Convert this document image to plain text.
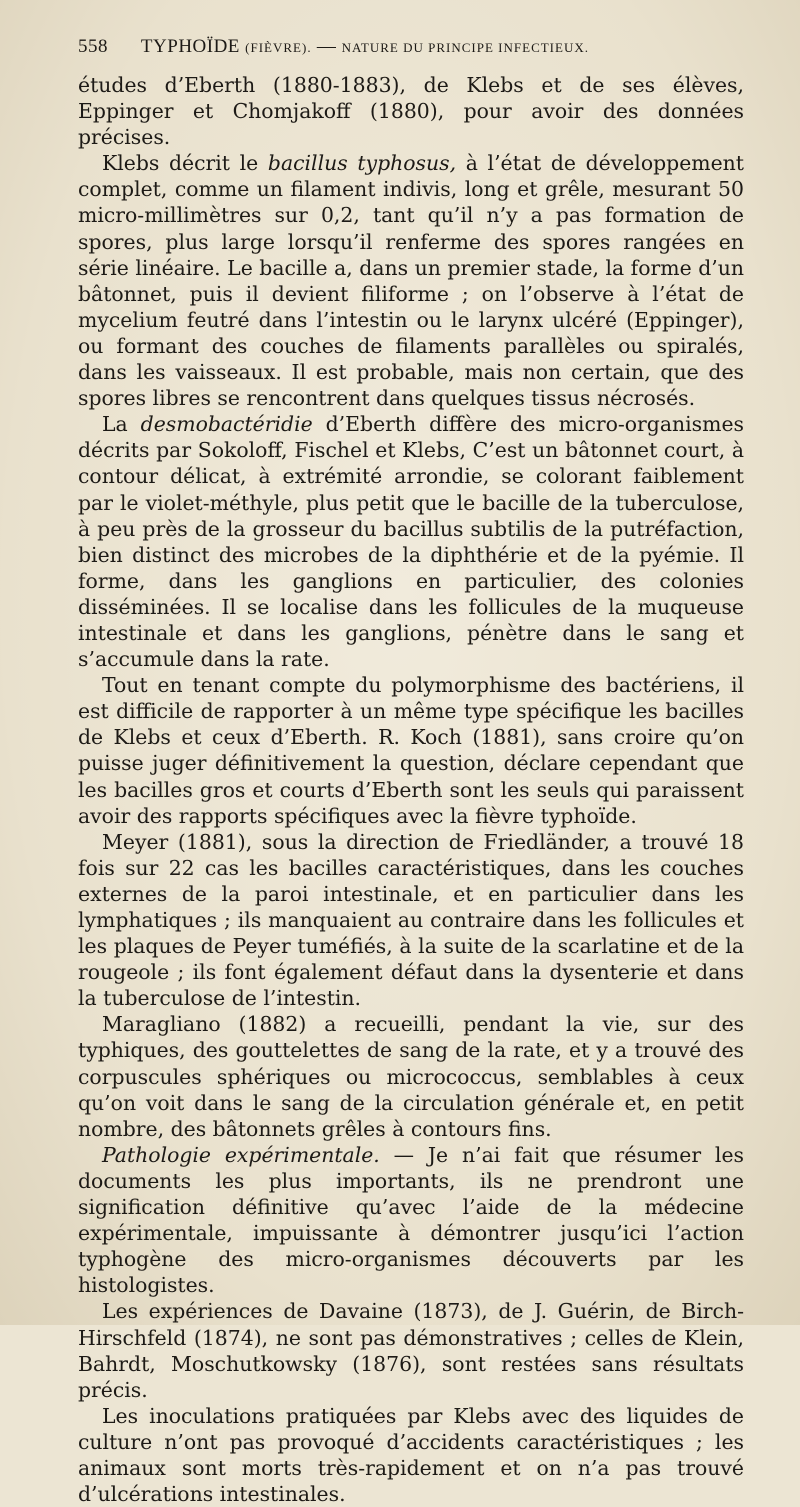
558 TYPHOÏDE (FIÈVRE). — NATURE DU PRINCIPE INFECTIEUX.

études d’Eberth (1880-1883), de Klebs et de ses élèves, Eppinger et Chomjakoff (1880), pour avoir des données précises.

Klebs décrit le bacillus typhosus, à l’état de développement complet, comme un filament indivis, long et grêle, mesurant 50 micro-millimètres sur 0,2, tant qu’il n’y a pas formation de spores, plus large lorsqu’il renferme des spores rangées en série linéaire. Le bacille a, dans un premier stade, la forme d’un bâtonnet, puis il devient filiforme ; on l’observe à l’état de mycelium feutré dans l’intestin ou le larynx ulcéré (Eppinger), ou formant des couches de filaments parallèles ou spiralés, dans les vaisseaux. Il est probable, mais non certain, que des spores libres se rencontrent dans quelques tissus nécrosés.

La desmobactéridie d’Eberth diffère des micro-organismes décrits par Sokoloff, Fischel et Klebs, C’est un bâtonnet court, à contour délicat, à extrémité arrondie, se colorant faiblement par le violet-méthyle, plus petit que le bacille de la tuberculose, à peu près de la grosseur du bacillus subtilis de la putréfaction, bien distinct des microbes de la diphthérie et de la pyémie. Il forme, dans les ganglions en particulier, des colonies disséminées. Il se localise dans les follicules de la muqueuse intestinale et dans les ganglions, pénètre dans le sang et s’accumule dans la rate.

Tout en tenant compte du polymorphisme des bactériens, il est difficile de rapporter à un même type spécifique les bacilles de Klebs et ceux d’Eberth. R. Koch (1881), sans croire qu’on puisse juger définitivement la question, déclare cependant que les bacilles gros et courts d’Eberth sont les seuls qui paraissent avoir des rapports spécifiques avec la fièvre typhoïde.

Meyer (1881), sous la direction de Friedländer, a trouvé 18 fois sur 22 cas les bacilles caractéristiques, dans les couches externes de la paroi intestinale, et en particulier dans les lymphatiques ; ils manquaient au contraire dans les follicules et les plaques de Peyer tuméfiés, à la suite de la scarlatine et de la rougeole ; ils font également défaut dans la dysenterie et dans la tuberculose de l’intestin.

Maragliano (1882) a recueilli, pendant la vie, sur des typhiques, des gouttelettes de sang de la rate, et y a trouvé des corpuscules sphériques ou micrococcus, semblables à ceux qu’on voit dans le sang de la circulation générale et, en petit nombre, des bâtonnets grêles à contours fins.

Pathologie expérimentale. — Je n’ai fait que résumer les documents les plus importants, ils ne prendront une signification définitive qu’avec l’aide de la médecine expérimentale, impuissante à démontrer jusqu’ici l’action typhogène des micro-organismes découverts par les histologistes.

Les expériences de Davaine (1873), de J. Guérin, de Birch-Hirschfeld (1874), ne sont pas démonstratives ; celles de Klein, Bahrdt, Moschutkowsky (1876), sont restées sans résultats précis.

Les inoculations pratiquées par Klebs avec des liquides de culture n’ont pas provoqué d’accidents caractéristiques ; les animaux sont morts très-rapidement et on n’a pas trouvé d’ulcérations intestinales.
